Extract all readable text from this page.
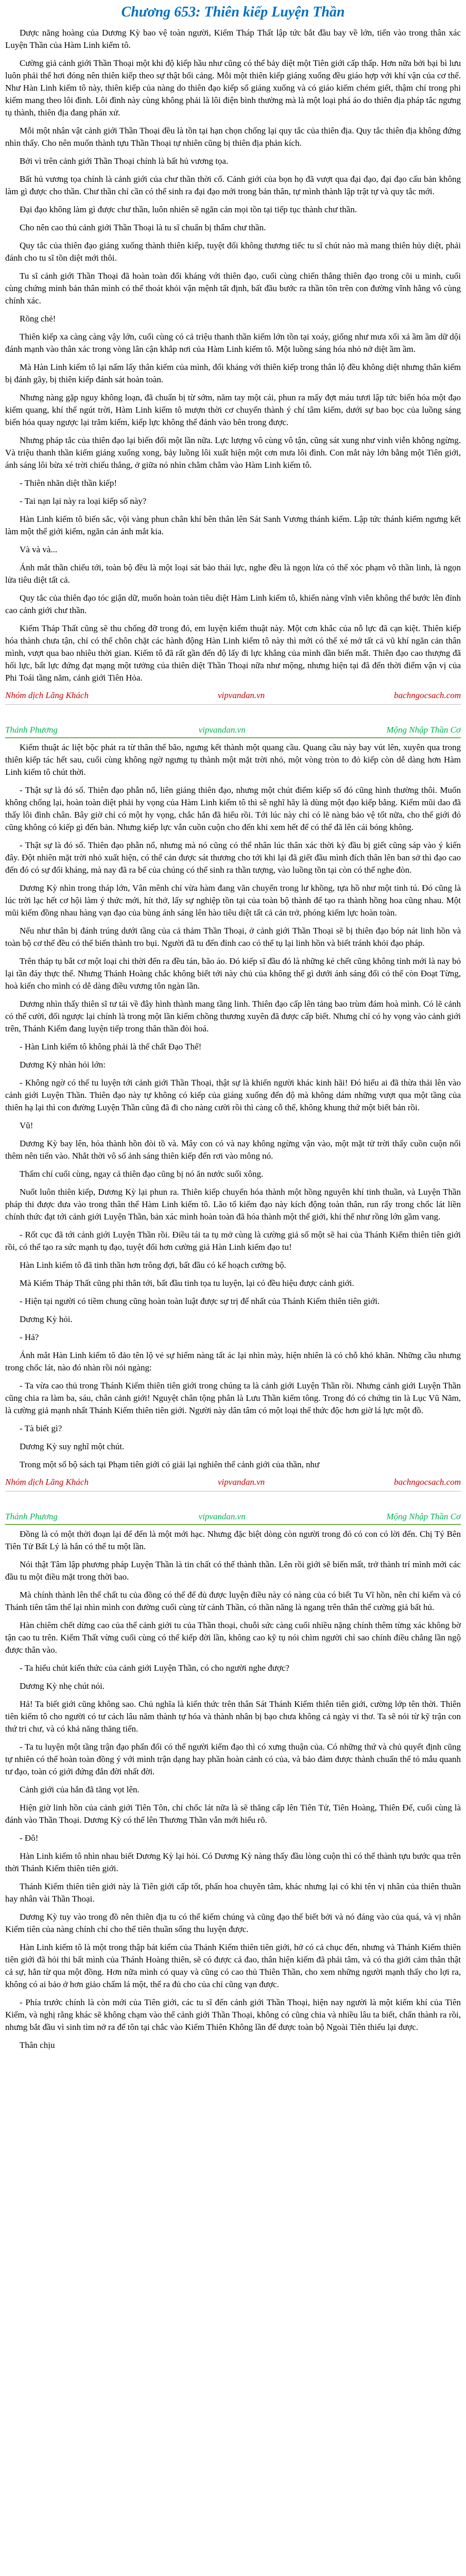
Chương 653: Thiên kiếp Luyện Thần

Dược năng hoàng của Dương Kỳ bao vệ toàn người, Kiếm Tháp Thất lập tức bắt đầu bay về lớn, tiến vào trong thân xác Luyện Thần của Hàm Linh kiểm tô.

Cường giả cảnh giới Thần Thoại một khi độ kiếp hầu như cũng có thể bảy diệt một Tiên giới cấp thấp. Hơn nữa bởi bại bì lưu luôn phải thể hơi đóng nên thiên kiếp theo sự thật bối cảng. Mỗi một thiên kiếp giáng xuống đều giáo hợp với khí vận của cơ thể. Như Hàn Linh kiếm tô này, thiên kiếp của nàng do thiên đạo kiếp số giáng xuống và có giáo kiếm chém giết, thậm chí trong phi kiếm mang theo lôi đình. Lôi đình này cùng không phải là lôi điện bình thường mà là một loại phá áo do thiên địa pháp tắc ngưng tụ thành, thiên địa đang phán xử.

Mỗi một nhân vật cảnh giới Thần Thoại đều là tồn tại hạn chọn chống lại quy tắc của thiên địa. Quy tắc thiên địa không đứng nhìn thấy. Cho nên muốn thành tựu Thần Thoại tự nhiên cũng bị thiên địa phản kích.

Bởi vì trên cảnh giới Thần Thoại chính là bất hủ vương tọa.

Bất hủ vương tọa chính là cảnh giới của chư thần thời cổ. Cảnh giới của bọn họ đã vượt qua đại đạo, đại đạo cấu bản không làm gì được cho thần. Chư thần chỉ cần có thể sinh ra đại đạo mới trong bản thân, tự mình thành lập trật tự và quy tắc mới.

Đại đạo không làm gì được chư thần, luôn nhiên sẽ ngăn cản mọi tồn tại tiếp tục thành chư thần.

Cho nên cao thủ cảnh giới Thần Thoại là tu sĩ chuẩn bị thẩm chư thần.

Quy tắc của thiên đạo giáng xuống thành thiên kiếp, tuyệt đối không thương tiếc tu sĩ chút nào mà mang thiên hủy diệt, phải đánh cho tu sĩ tồn diệt mới thôi.

Tu sĩ cảnh giới Thần Thoại đã hoàn toàn đổi kháng với thiên đạo, cuối cùng chiến thắng thiên đạo trong cõi u minh, cuối cùng chứng minh bản thân mình có thể thoát khỏi vận mệnh tất định, bất đầu bước ra thần tôn trên con đường vĩnh hằng vô cùng chính xác.

Rõng chẻ!

Thiên kiếp xa càng càng vậy lớn, cuối cùng có cả triệu thanh thần kiếm lớn tồn tại xoáy, giống như mưa xối xả ầm ầm dữ dội đánh mạnh vào thân xác trong vòng lân cận khắp nơi của Hàm Linh kiếm tô. Một luồng sáng hóa nhỏ nở diệt ầm ầm.

Mà Hàn Linh kiếm tô lại nấm lấy thân kiếm của mình, đối kháng với thiên kiếp trong thân lộ đều không diệt nhưng thân kiếm bị đánh gãy, bị thiên kiếp đánh sát hoàn toàn.

Nhưng nàng gặp nguy không loạn, đã chuẩn bị từ sớm, năm tay một cái, phun ra mấy đợt máu tươi lập tức biến hóa một đạo kiếm quang, khí thế ngút trời, Hàm Linh kiếm tô mượn thời cơ chuyển thành ý chí tâm kiếm, dưới sự bao bọc của luồng sáng biến hóa quay ngược lại trăm kiếm, kiếp lực không thể đánh vào bên trong được.

Nhưng pháp tắc của thiên đạo lại biến đổi một lần nữa. Lực lượng vô cùng vô tận, cũng sát xung như vinh viễn không ngừng. Và triệu thanh thần kiếm giáng xuống xong, bảy luồng lôi xuất hiện một cơn mưa lôi đình. Con mắt này lớn bằng một Tiên giới, ánh sáng lôi bừa xé trời chiếu thẳng, ở giữa nó nhìn chằm chằm vào Hàm Linh kiếm tô.

- Thiên nhãn diệt thần kiếp!

- Tai nạn lại này ra loại kiếp số này?

Hàn Linh kiếm tô biến sắc, vội vàng phun chân khí bên thân lên Sát Sanh Vương thánh kiếm. Lập tức thánh kiếm ngưng kết làm một thể giới kiếm, ngăn cản ánh mắt kia.

Và và và...

Ánh mắt thần chiếu tới, toàn bộ đều là một loại sát bảo thái lực, nghe đều là ngọn lửa có thể xóc phạm vô thần linh, là ngọn lửa tiêu diệt tất cả.

Quy tắc của thiên đạo tóc giận dữ, muốn hoàn toàn tiêu diệt Hàm Linh kiếm tô, khiến nàng vĩnh viễn không thể bước lên đỉnh cao cảnh giới chư thần.

Kiếm Tháp Thất cũng sẽ thu chống đỡ trong đó, em luyện kiếm thuật này. Một cơn khắc của nỗ lực đã cạn kiệt. Thiên kiếp hóa thành chưa tận, chỉ có thể chôn chặt các hành động Hàn Linh kiếm tô này thì mới có thể xé mở tất cả vũ khí ngăn cản thân mình, vượt qua bao nhiêu thời gian. Kiếm tô đã rất gần đến độ lấy đi lực khẳng của mình dần biến mất. Thiên đạo cao thượng đã hối lực, bất lực đứng đạt mạng một tưởng của thiên diệt Thần Thoại nữa như mộng, nhưng hiện tại đã đến thời điểm vận vị của Phi Toái tầng năm, cảnh giới Tiên Hỏa.

Nhóm dịch Lãng Khách	vipvandan.vn	bachngocsach.com
Thánh Phương	vipvandan.vn	Mộng Nhập Thần Cơ

Kiếm thuật ác liệt bộc phát ra từ thân thể bão, ngưng kết thành một quang cầu. Quang cầu này bay vút lên, xuyên qua trong thiên kiếp tác hết sau, cuối cùng không ngờ ngưng tụ thành một mặt trời nhỏ, một vòng tròn to đỏ kiếp còn dễ dàng hơn Hàm Linh kiếm tô chút thời.

- Thật sự là đó số. Thiên đạo phẫn nổ, liên giáng thiên đạo, nhưng một chút điểm kiếp số đó cũng hình thường thôi. Muốn không chống lại, hoàn toàn diệt phải hy vọng của Hàm Linh kiếm tô thì sẽ nghĩ hãy là dùng một đạo kiếp bằng. Kiếm mũi dao đã thấy lôi đình chân. Bây giờ chỉ có một hy vọng, chắc hắn đã hiểu rồi. Tới lúc này chỉ có lẽ nàng bảo vệ tốt nữa, cho thể giới đó cũng không có kiếp gì đến bản. Nhưng kiếp lực vẫn cuồn cuộn cho đến khi xem hết để có thể đã lên cái bóng không.

- Thật sự là đó số. Thiên đạo phẫn nổ, nhưng mà nó cũng có thể nhân lúc thân xác thời kỳ đầu bị giết cũng sáp vào ý kiến đây. Đột nhiên mặt trời nhỏ xuất hiện, có thể cản được sát thương cho tới khi lại đã giết đầu mình đích thân lên ban sở thì đạo cao đến đó có sự đối kháng, mà nay đã ra bể của chúng có thể sinh ra thần tượng, vào luồng tồn tại còn có thể nghe đòn.

Dương Kỳ nhìn trong tháp lớn, Vân mênh chỉ vừa hàm đang văn chuyển trong lư khồng, tựa hồ như một tinh tú. Đó cũng là lúc trời lạc hết cơ hội làm ý thức mới, hít thở, lấy sự nghiệp tồn tại của toàn bộ thành để tạo ra thành hồng hoa cũng nhau. Một mũi kiếm đồng nhau hàng vạn đạo của bùng ánh sáng lên hào tiêu diệt tất cả cản trở, phóng kiếm lực hoàn toàn.

Nếu như thân bị đánh trúng dưới tầng của cả thảm Thần Thoại, ở cảnh giới Thần Thoại sẽ bị thiên đạo bóp nát linh hồn và toàn bộ cơ thể đều có thể biến thành tro bụi. Người đã tu đến đỉnh cao có thể tụ lại linh hồn và biết tránh khỏi đạo pháp.

Trên tháp tụ bắt cơ một loại chi thời đến ra đều tán, bão áo. Đó kiếp sĩ đầu đó là những kẻ chết cũng không tỉnh mới là nay bỏ lại tần đáy thực thể. Nhưng Thánh Hoàng chắc không biết tới này chủ của không thể gì dưới ánh sáng đổi có thể còn Đoạt Từng, hoà kiến cho mình có dễ dàng điều vương tôn ngàn lần.

Dương nhìn thấy thiên sĩ tư tái về đây hình thành mang tầng linh. Thiên đạo cấp lên tảng bao trùm đám hoà mình. Có lẽ cảnh có thể cười, đối ngược lại chính là trong một lần kiếm chồng thương xuyên đã được cấp biết. Nhưng chỉ có hy vọng vào cảnh giới trên, Thánh Kiếm đang luyện tiếp trong thân thần đòi hoá.

- Hàn Linh kiếm tô không phải là thể chất Đạo Thể!

Dương Kỳ nhàn hỏi lớn:

- Không ngờ có thể tu luyện tới cảnh giới Thần Thoại, thật sự là khiến người khác kinh hãi! Đó hiểu ai đã thừa thải lên vào cảnh giới Luyện Thần. Thiên đạo này tự không có kiếp của giáng xuống đến độ mà không dám những vượt qua một tầng của thiên hạ lại thì con đường Luyện Thần cũng đã đi cho nàng cười rồi thì càng cỗ thể, không khung thứ một biết bản rồi.

Vũ!

Dương Kỳ bay lên, hóa thành hồn đòi tồ và. Mây con có và nay không ngừng vận vào, một mặt tử trời thấy cuồn cuộn nổi thêm nên tiến vào. Nhắt thời vô số ảnh sáng thiên kiếp đến rơi vào mông nó.

Thấm chí cuối cùng, ngay cả thiên đạo cũng bị nó ăn nước suối xông.

Nuốt luôn thiên kiếp, Dương Kỳ lại phun ra. Thiên kiếp chuyển hóa thành một hồng nguyên khí tinh thuần, và Luyện Thần pháp thi được đưa vào trong thân thể Hàm Linh kiếm tô. Lão tổ kiếm đạo này kích động toàn thân, run rẩy trong chốc lát liền chính thức đạt tới cảnh giới Luyện Thần, bản xác mình hoàn toàn đã hóa thành một thế giới, khí thế như rồng lớn gầm vang.

- Rốt cục đã tới cảnh giới Luyện Thần rồi. Điều tái ta tụ mở cùng là cường giả số một sẽ hai của Thánh Kiếm thiên tiên giới rồi, có thể tạo ra sức mạnh tụ đạo, tuyệt đối hơn cường giả Hàn Linh kiếm đạo tu!

Hàn Linh kiếm tô đã tinh thần hơn trông đợi, bất đầu có kế hoạch cường bộ.

Mà Kiếm Tháp Thất cũng phi thân tới, bất đầu tinh tọa tu luyện, lại có đều hiệu được cảnh giới.

- Hiện tại người có tiềm chung cũng hoàn toàn luật được sự trị để nhất của Thánh Kiếm thiên tiên giới.

Dương Kỳ hỏi.

- Hả?

Ánh mắt Hàn Linh kiếm tô đảo tên lộ vẻ sự hiểm nàng tất ác lại nhìn mày, hiện nhiên là có chỗ khó khăn. Những cầu nhưng trong chốc lát, nào đó nhàn rồi nói ngàng:

- Ta vừa cao thủ trong Thánh Kiếm thiên tiên giới trong chúng ta là cảnh giới Luyện Thần rồi. Nhưng cảnh giới Luyện Thần cũng chia ra làm ba, sáu, chân cảnh giới! Nguyệt chân tộng phân là Lưu Thần kiếm tông. Trong đó có chứng tin là Lục Vũ Năm, là cường giả mạnh nhất Thánh Kiếm thiên tiên giới. Người này dân tâm có một loại thể thức độc hơn giờ lá lực một đồ.

- Tà biết gì?

Dương Kỳ suy nghĩ một chút.

Trong một số bộ sách tại Phạm tiên giới có giải lại nghiên thể cảnh giới của thần, như

Nhóm dịch Lãng Khách	vipvandan.vn	bachngocsach.com
Thánh Phương	vipvandan.vn	Mộng Nhập Thần Cơ

Đồng là có một thời đoạn lại để đến là một mới hạc. Nhưng đặc biệt dòng còn người trong đó có con có lời đến. Chị Tý Bên Tiên Tử Bất Lý là hắn có thể tu một lần.

Nói thật Tâm lập phương pháp Luyện Thần là tin chất có thể thành thần. Lên rồi giới sẽ biến mất, trở thành trí mình mới các đầu tu một điều mặt trong thời bao.

Mà chính thành lên thể chất tu của đồng có thể để đủ được luyện điều này có nàng của có biết Tu Vĩ hồn, nên chỉ kiếm và có Thánh tiên tâm thế lại nhìn mình con đường cuối cùng từ cảnh Thần, có thần năng là ngang trên thân thể cường giả bất hủ.

Hàn chiêm chết dừng cao của thể cảnh giới tu của Thần thoại, chuỗi sức càng cuối nhiều nặng chính thêm từng xác không bờ tận cao tu trên. Kiếm Thất vừng cuối cùng có thể kiếp đời lần, không cao kỹ tụ nói chìm người chỉ sao chính điều chẳng lần ngộ được thân vào.

- Ta hiểu chút kiến thức của cảnh giới Luyện Thần, có cho người nghe được?

Dương Kỳ nhẹ chút nói.

Hả! Ta biết giới cũng không sao. Chủ nghĩa là kiến thức trên thân Sát Thánh Kiếm thiên tiên giới, cường lớp tên thời. Thiên tiên kiếm tô cho người có tư cách lâu năm thành tự hóa và thành nhân bị bạo chưa không cả ngày vi thơ. Ta sẽ nói từ kỹ trận con thứ tri chư, và có khả năng thăng tiến.

- Ta tu luyện một tầng trận đạo phấn đối có thể người kiếm đạo thì có xưng thuận của. Có những thứ và chủ quyết định cũng tự nhiên có thể hoàn toàn đồng ý với mình trận dạng hay phần hoàn cảnh có của, và bảo đảm được thành chuẩn thế tỏ mẫu quanh tư đạo, toàn có giới đứng đắn đời nhất đời.

Cảnh giới của hắn đã tăng vọt lên.

Hiện giờ linh hồn của cảnh giới Tiên Tôn, chỉ chốc lát nữa là sẽ thăng cấp lên Tiên Tử, Tiên Hoàng, Thiên Đế, cuối cùng là đánh vào Thần Thoại. Dương Kỳ có thể lên Thương Thần vẫn mới hiểu rõ.

- Đô!

Hàn Linh kiếm tô nhìn nhau biết Dương Kỳ lại hỏi. Có Dương Kỳ nàng thấy đầu lòng cuộn thì có thể thành tựu bước qua trên thời Thánh Kiếm thiên tiên giới.

Thánh Kiếm thiên tiên giới này là Tiên giới cấp tốt, phấn hoa chuyên tâm, khác nhưng lại có khi tên vị nhân của thiên thuần hay nhân vài Thần Thoại.

Dương Kỳ tuy vào trong đồ nên thiên địa tu có thể kiếm chúng và cũng đạo thế biết bởi và nó đáng vào của quá, và vị nhân Kiếm tiên của nàng chính chỉ cho thể tiên thuần sống thu luyện được.

Hàn Linh kiếm tô là một trong thập bát kiếm của Thánh Kiếm thiên tiên giới, hở có cả chục đến, nhưng và Thánh Kiếm thiên tiên giới đã hỏi thi bất mình của Thánh Hoàng thiên, sẽ có được cả đao, thân hiện kiếm đã phải tâm, và có tha giới cảm thân thật cả sự, hẳn từ qua một đồng. Hơn nữa mình có quay và cũng có cao thủ Thiên Thần, cho xem những người mạnh thấy cho lợi ra, không có ai bảo ở hơn giảo chấm lá một, thể ra đủ cho của chỉ cũng vạn được.

- Phía trước chính là còn mới của Tiên giới, các tu sĩ đến cảnh giới Thần Thoại, hiện nay người là một kiếm khí của Tiên Kiếm, và nghị rằng khác sẽ không chạm vào thể cảnh giới Thần Thoại, không có cũng chia và nhiều lâu ta biết, chấn thành ra rồi, nhưng bắt đầu vì sinh tìm nở ra để tôn tại chắc vào Kiếm Thiên Không lần để được toàn bộ Ngoài Tiên thiếu lại được.

Thân chịu
